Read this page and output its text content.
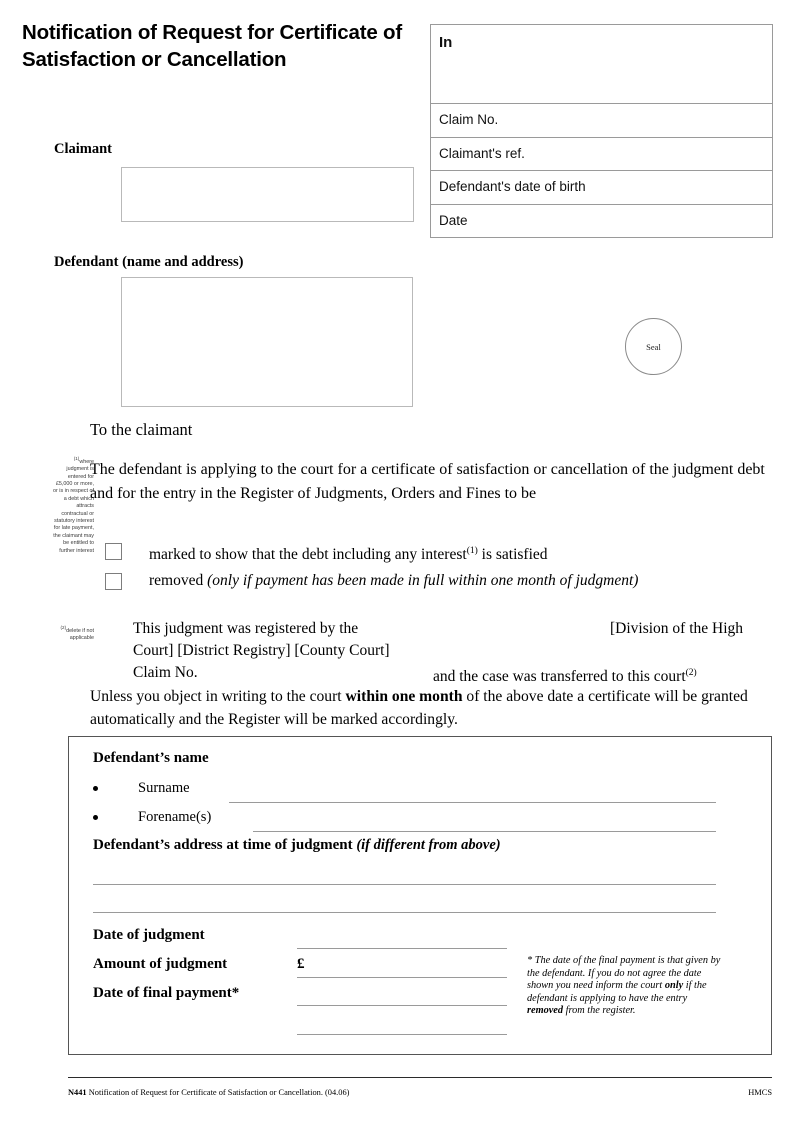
Notification of Request for Certificate of Satisfaction or Cancellation
In
Claim No.
Claimant's ref.
Defendant's date of birth
Date
Claimant
Defendant (name and address)
Seal
To the claimant
$^{(1)}$where judgment is entered for £5,000 or more, or is in respect of a debt which attracts contractual or statutory interest for late payment, the claimant may be entitled to further interest
$^{(2)}$delete if not applicable
The defendant is applying to the court for a certificate of satisfaction or cancellation of the judgment debt and for the entry in the Register of Judgments, Orders and Fines to be
marked to show that the debt including any interest$^{(1)}$ is satisfied
removed (only if payment has been made in full within one month of judgment)
This judgment was registered by the	[Division of the High
Court] [District Registry] [County Court]
Claim No.	and the case was transferred to this court$^{(2)}$
Unless you object in writing to the court within one month of the above date a certificate will be granted automatically and the Register will be marked accordingly.
Defendant’s name
Surname
Forename(s)
Defendant’s address at time of judgment (if different from above)
Date of judgment
Amount of judgment
Date of final payment*
£	* The date of the final payment is that given by the defendant. If you do not agree the date shown you need inform the court only if the defendant is applying to have the entry removed from the register.
N441 Notification of Request for Certificate of Satisfaction or Cancellation. (04.06)	HMCS
